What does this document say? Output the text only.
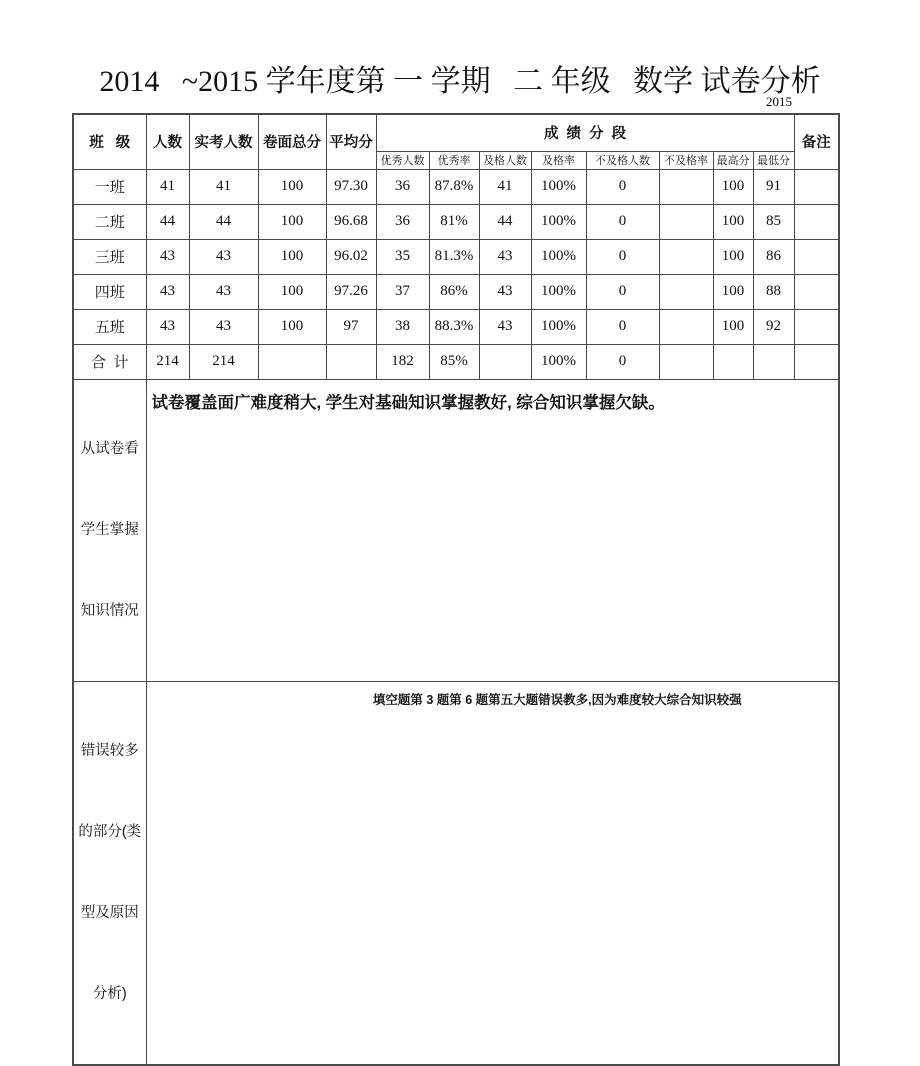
2014   ~2015 学年度第 一 学期   二 年级   数学 试卷分析
2015
班   级	人数	实考人数	卷面总分	平均分	成  绩  分  段								备注
					优秀人数	优秀率	及格人数	及格率	不及格人数	不及格率	最高分	最低分	
一班	41	41	100	97.30	36	87.8%	41	100%	0		100	91	
二班	44	44	100	96.68	36	81%	44	100%	0		100	85	
三班	43	43	100	96.02	35	81.3%	43	100%	0		100	86	
四班	43	43	100	97.26	37	86%	43	100%	0		100	88	
五班	43	43	100	97	38	88.3%	43	100%	0		100	92	
合  计	214	214			182	85%		100%	0				

从试卷看

学生掌握

知识情况	试卷覆盖面广难度稍大, 学生对基础知识掌握教好, 综合知识掌握欠缺。												

错误较多

的部分(类

型及原因

分析)	填空题第 3 题第 6 题第五大题错误教多,因为难度较大综合知识较强												
